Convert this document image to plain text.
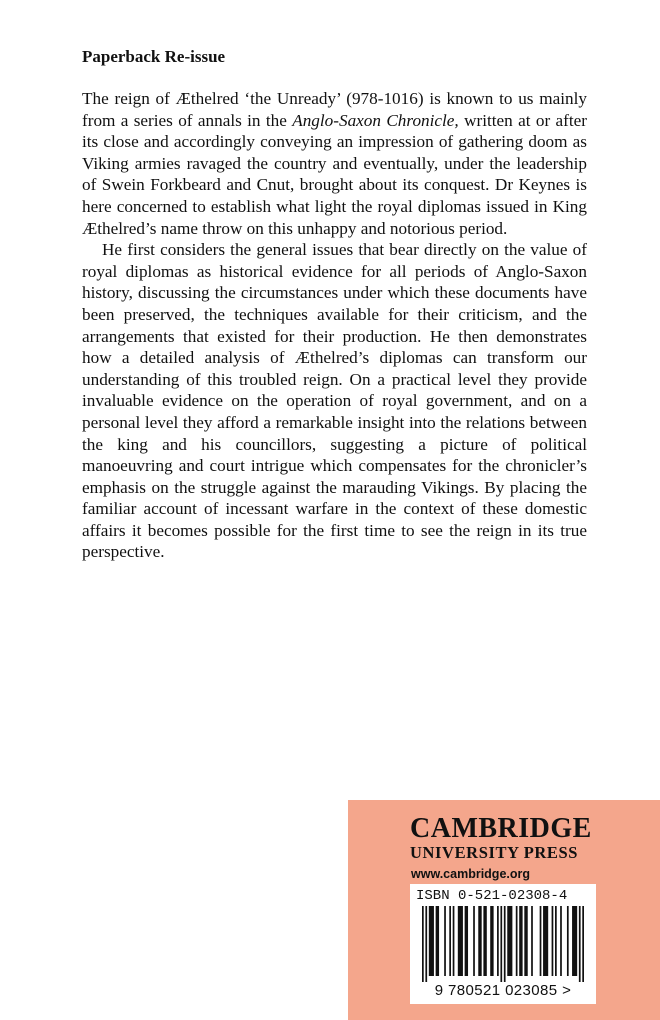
Paperback Re-issue

The reign of Æthelred ‘the Unready’ (978-1016) is known to us mainly from a series of annals in the Anglo-Saxon Chronicle, written at or after its close and accordingly conveying an impression of gathering doom as Viking armies ravaged the country and eventually, under the leadership of Swein Forkbeard and Cnut, brought about its conquest. Dr Keynes is here concerned to establish what light the royal diplomas issued in King Æthelred’s name throw on this unhappy and notorious period.

He first considers the general issues that bear directly on the value of royal diplomas as historical evidence for all periods of Anglo-Saxon history, discussing the circumstances under which these documents have been preserved, the techniques available for their criticism, and the arrangements that existed for their production. He then demonstrates how a detailed analysis of Æthelred’s diplomas can transform our understanding of this troubled reign. On a practical level they provide invaluable evidence on the operation of royal government, and on a personal level they afford a remarkable insight into the relations between the king and his councillors, suggesting a picture of political manoeuvring and court intrigue which compensates for the chronicler’s emphasis on the struggle against the marauding Vikings. By placing the familiar account of incessant warfare in the context of these domestic affairs it becomes possible for the first time to see the reign in its true perspective.

CAMBRIDGE

UNIVERSITY PRESS

www.cambridge.org

ISBN 0-521-02308-4

9 780521 023085 >
